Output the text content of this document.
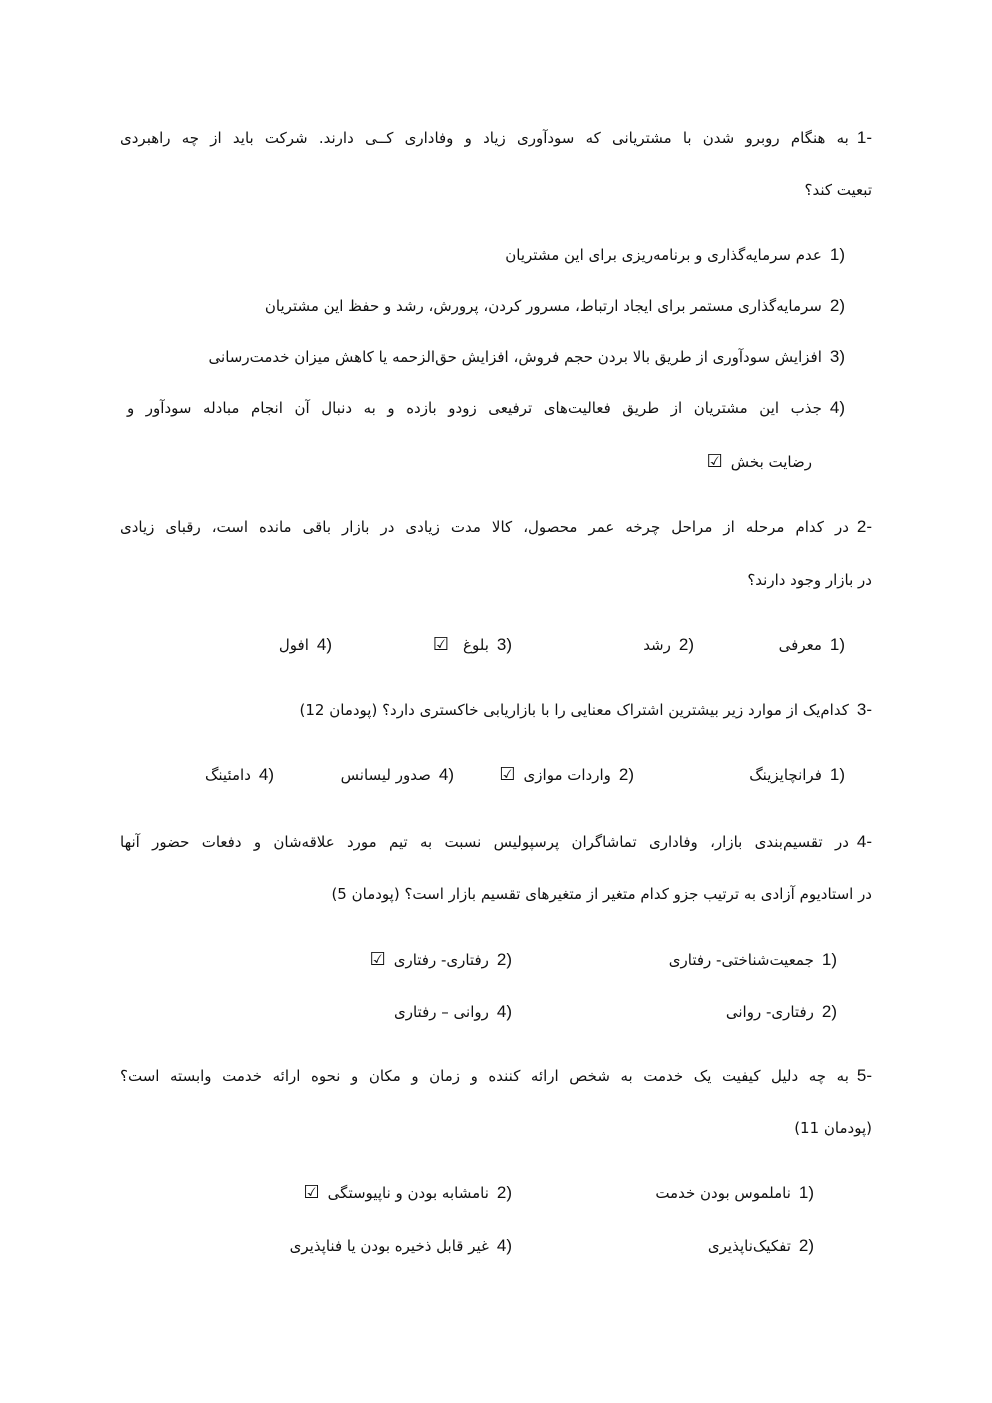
1-به هنگام روبرو شدن با مشتریانی که سودآوری زیاد و وفاداری کــی دارند. شرکت باید از چه راهبردی
تبعیت کند؟
1)
عدم سرمایه‌گذاری و برنامه‌ریزی برای این مشتریان
2)
سرمایه‌گذاری مستمر برای ایجاد ارتباط، مسرور کردن، پرورش، رشد و حفظ این مشتریان
3)
افزایش سودآوری از طریق بالا بردن حجم فروش، افزایش حق‌الزحمه یا کاهش میزان خدمت‌رسانی
4)
جذب این مشتریان از طریق فعالیت‌های ترفیعی زودو بازده و به دنبال آن انجام مبادله سودآور و
رضایت بخش
☑
2-در کدام مرحله از مراحل چرخه عمر محصول، کالا مدت زیادی در بازار باقی مانده است، رقبای زیادی
در بازار وجود دارند؟
1)
معرفی
2)
رشد
3)
بلوغ
☑
4)
افول
3-کدام‌یک از موارد زیر بیشترین اشتراک معنایی را با بازاریابی خاکستری دارد؟ (پودمان 12)
1)
فرانچایزینگ
2)
واردات موازی
☑
4)
صدور لیسانس
4)
دامئینگ
4-در تقسیم‌بندی بازار، وفاداری تماشاگران پرسپولیس نسبت به تیم مورد علاقه‌شان و دفعات حضور آنها
در استادیوم آزادی به ترتیب جزو کدام متغیر از متغیرهای تقسیم بازار است؟ (پودمان 5)
1)
جمعیت‌شناختی- رفتاری
2)
رفتاری- رفتاری
☑
2)
رفتاری- روانی
4)
روانی – رفتاری
5-به چه دلیل کیفیت یک خدمت به شخص ارائه کننده و زمان و مکان و نحوه ارائه خدمت وابسته است؟
(پودمان 11)
1)
ناملموس بودن خدمت
2)
نامشابه بودن و ناپیوستگی
☑
2)
تفکیک‌ناپذیری
4)
غیر قابل ذخیره بودن یا فناپذیری
